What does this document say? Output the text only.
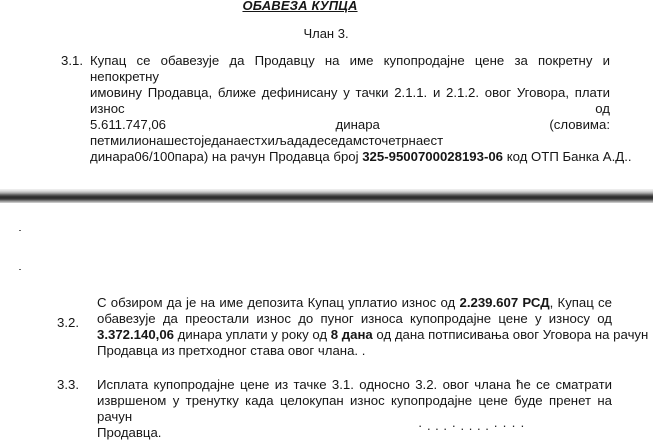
ОБАВЕЗА КУПЦА
Члан 3.
3.1. Купац се обавезује да Продавцу на име купопродајне цене за покретну и непокретну
имовину Продавца, ближе дефинисану у тачки 2.1.1. и 2.1.2. овог Уговора, плати износ од
5.611.747,06 динара (словима: петмилионашестоједанаестхиљададеседамсточетрнаест
динара06/100пара) на рачун Продавца број 325-9500700028193-06 код ОТП Банка А.Д..
3.2.
С обзиром да је на име депозита Купац уплатио износ од 2.239.607 РСД, Купац се
обавезује да преостали износ до пуног износа купопродајне цене у износу од
3.372.140,06 динара уплати у року од 8 дана од дана потписивања овог Уговора на рачун
Продавца из претходног става овог члана. .
3.3. Исплата купопродајне цене из тачке 3.1. односно 3.2. овог члана ће се сматрати
извршеном у тренутку када целокупан износ купопродајне цене буде пренет на рачун
Продавца.	· . . . · . . . . · · · ·
